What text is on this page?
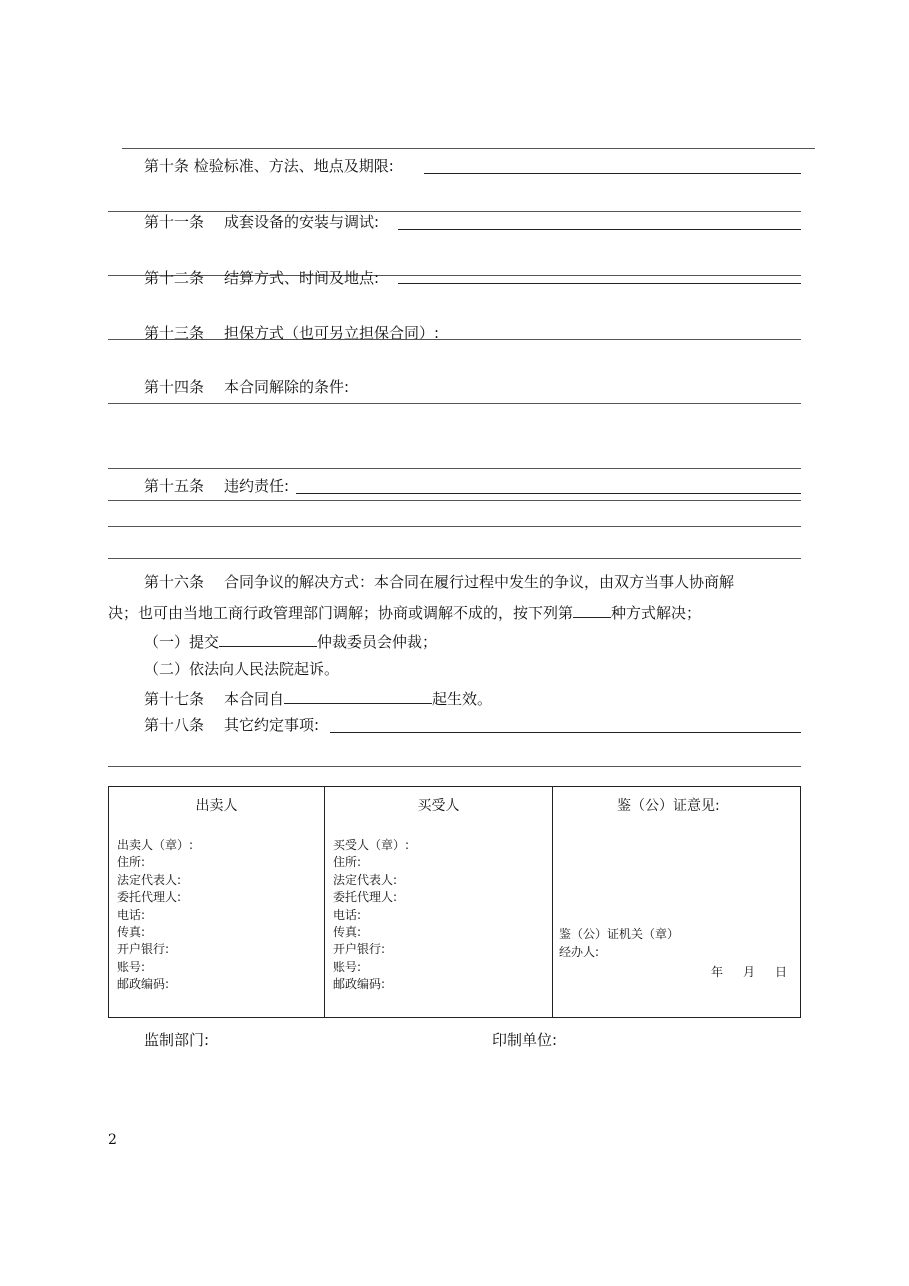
第十条 检验标准、方法、地点及期限:
第十一条 成套设备的安装与调试:
第十二条 结算方式、时间及地点:
第十三条 担保方式（也可另立担保合同）:
第十四条 本合同解除的条件:
第十五条 违约责任:
第十六条 合同争议的解决方式：本合同在履行过程中发生的争议，由双方当事人协商解
决；也可由当地工商行政管理部门调解；协商或调解不成的，按下列第	种方式解决；
（一）提交	仲裁委员会仲裁；
（二）依法向人民法院起诉。
第十七条 本合同自	起生效。
第十八条 其它约定事项:
出卖人
出卖人（章）:
住所:
法定代表人:
委托代理人:
电话:
传真:
开户银行:
账号:
邮政编码:

买受人
买受人（章）:
住所:
法定代表人:
委托代理人:
电话:
传真:
开户银行:
账号:
邮政编码:

鉴（公）证意见:
鉴（公）证机关（章）
经办人:
年 月 日
监制部门:	印制单位:
2
